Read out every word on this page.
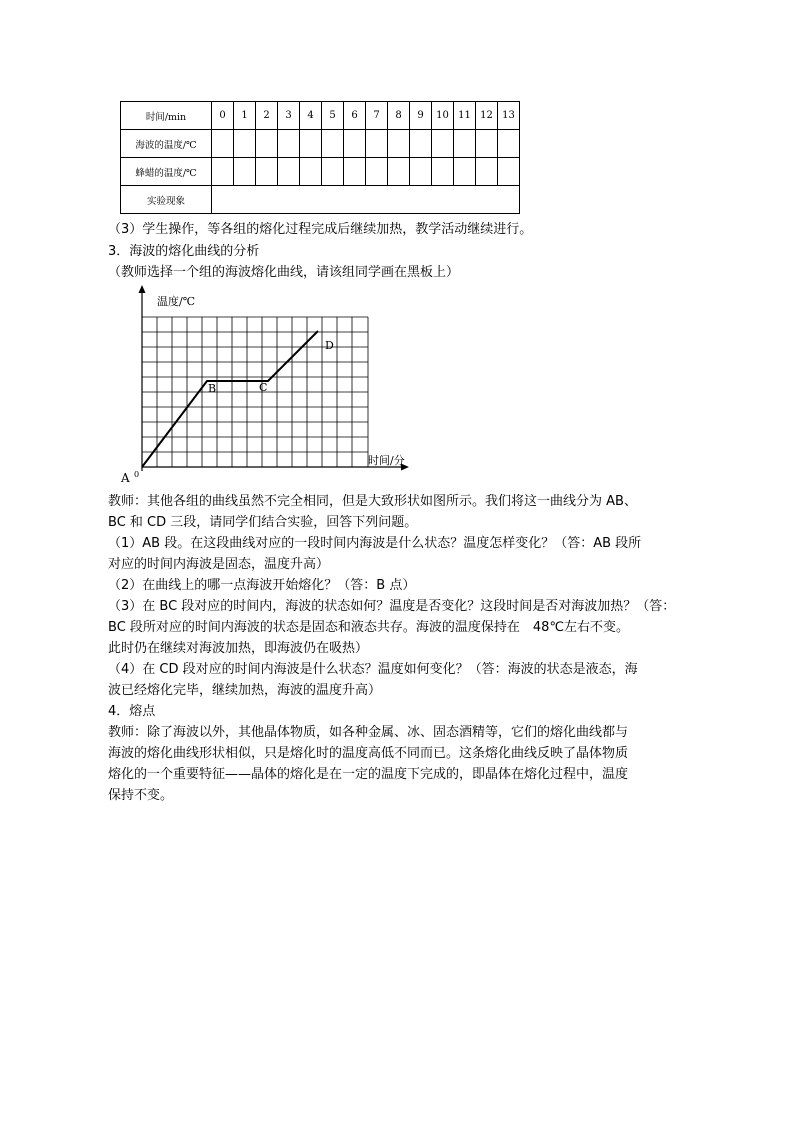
时间/min	0	1	2	3	4	5	6	7	8	9	10	11	12	13
海波的温度/℃														
蜂蜡的温度/℃														
实验现象														
（3）学生操作，等各组的熔化过程完成后继续加热，教学活动继续进行。
3．海波的熔化曲线的分析
（教师选择一个组的海波熔化曲线，请该组同学画在黑板上）
温度/℃
时间/分
0
A
B	C
D
教师：其他各组的曲线虽然不完全相同，但是大致形状如图所示。我们将这一曲线分为 AB、
BC 和 CD 三段，请同学们结合实验，回答下列问题。
（1）AB 段。在这段曲线对应的一段时间内海波是什么状态？温度怎样变化？（答：AB 段所
对应的时间内海波是固态，温度升高）
（2）在曲线上的哪一点海波开始熔化？（答：B 点）
（3）在 BC 段对应的时间内，海波的状态如何？温度是否变化？这段时间是否对海波加热？（答：
BC 段所对应的时间内海波的状态是固态和液态共存。海波的温度保持在　48℃左右不变。
此时仍在继续对海波加热，即海波仍在吸热）
（4）在 CD 段对应的时间内海波是什么状态？温度如何变化？（答：海波的状态是液态，海
波已经熔化完毕，继续加热，海波的温度升高）
4．熔点
教师：除了海波以外，其他晶体物质，如各种金属、冰、固态酒精等，它们的熔化曲线都与
海波的熔化曲线形状相似，只是熔化时的温度高低不同而已。这条熔化曲线反映了晶体物质
熔化的一个重要特征——晶体的熔化是在一定的温度下完成的，即晶体在熔化过程中，温度
保持不变。
